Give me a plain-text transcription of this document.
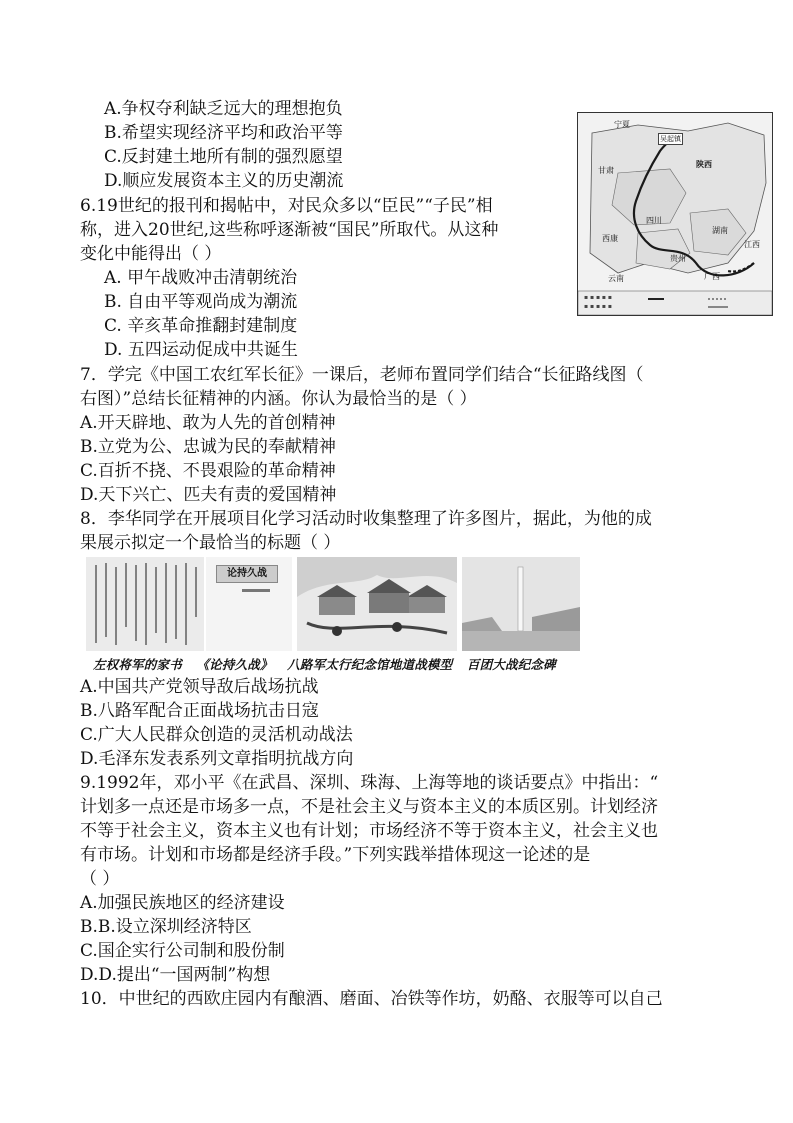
A.争权夺利缺乏远大的理想抱负
B.希望实现经济平均和政治平等
C.反封建土地所有制的强烈愿望
D.顺应发展资本主义的历史潮流
6.19世纪的报刊和揭帖中，对民众多以“臣民”“子民”相
称，进入20世纪,这些称呼逐渐被“国民”所取代。从这种
变化中能得出（ ）
A. 甲午战败冲击清朝统治
B. 自由平等观尚成为潮流
C. 辛亥革命推翻封建制度
D. 五四运动促成中共诞生
▪ ▪ ▪ ▪ ▪
▪ ▪ ▪ ▪ ▪
宁夏
陕西
甘肃
四川
西康
贵州
湖南
江西
广西
云南
吴起镇
7．学完《中国工农红军长征》一课后，老师布置同学们结合“长征路线图（
右图）”总结长征精神的内涵。你认为最恰当的是（ ）
A.开天辟地、敢为人先的首创精神
B.立党为公、忠诚为民的奉献精神
C.百折不挠、不畏艰险的革命精神
D.天下兴亡、匹夫有责的爱国精神
8．李华同学在开展项目化学习活动时收集整理了许多图片，据此，为他的成
果展示拟定一个最恰当的标题（ ）
论持久战
左权将军的家书 《论持久战》 八路军太行纪念馆地道战模型 百团大战纪念碑
A.中国共产党领导敌后战场抗战
B.八路军配合正面战场抗击日寇
C.广大人民群众创造的灵活机动战法
D.毛泽东发表系列文章指明抗战方向
9.1992年，邓小平《在武昌、深圳、珠海、上海等地的谈话要点》中指出：“
计划多一点还是市场多一点，不是社会主义与资本主义的本质区别。计划经济
不等于社会主义，资本主义也有计划；市场经济不等于资本主义，社会主义也
有市场。计划和市场都是经济手段。”下列实践举措体现这一论述的是
（ ）
A.加强民族地区的经济建设
B.B.设立深圳经济特区
C.国企实行公司制和股份制
D.D.提出“一国两制”构想
10．中世纪的西欧庄园内有酿酒、磨面、冶铁等作坊，奶酪、衣服等可以自己
